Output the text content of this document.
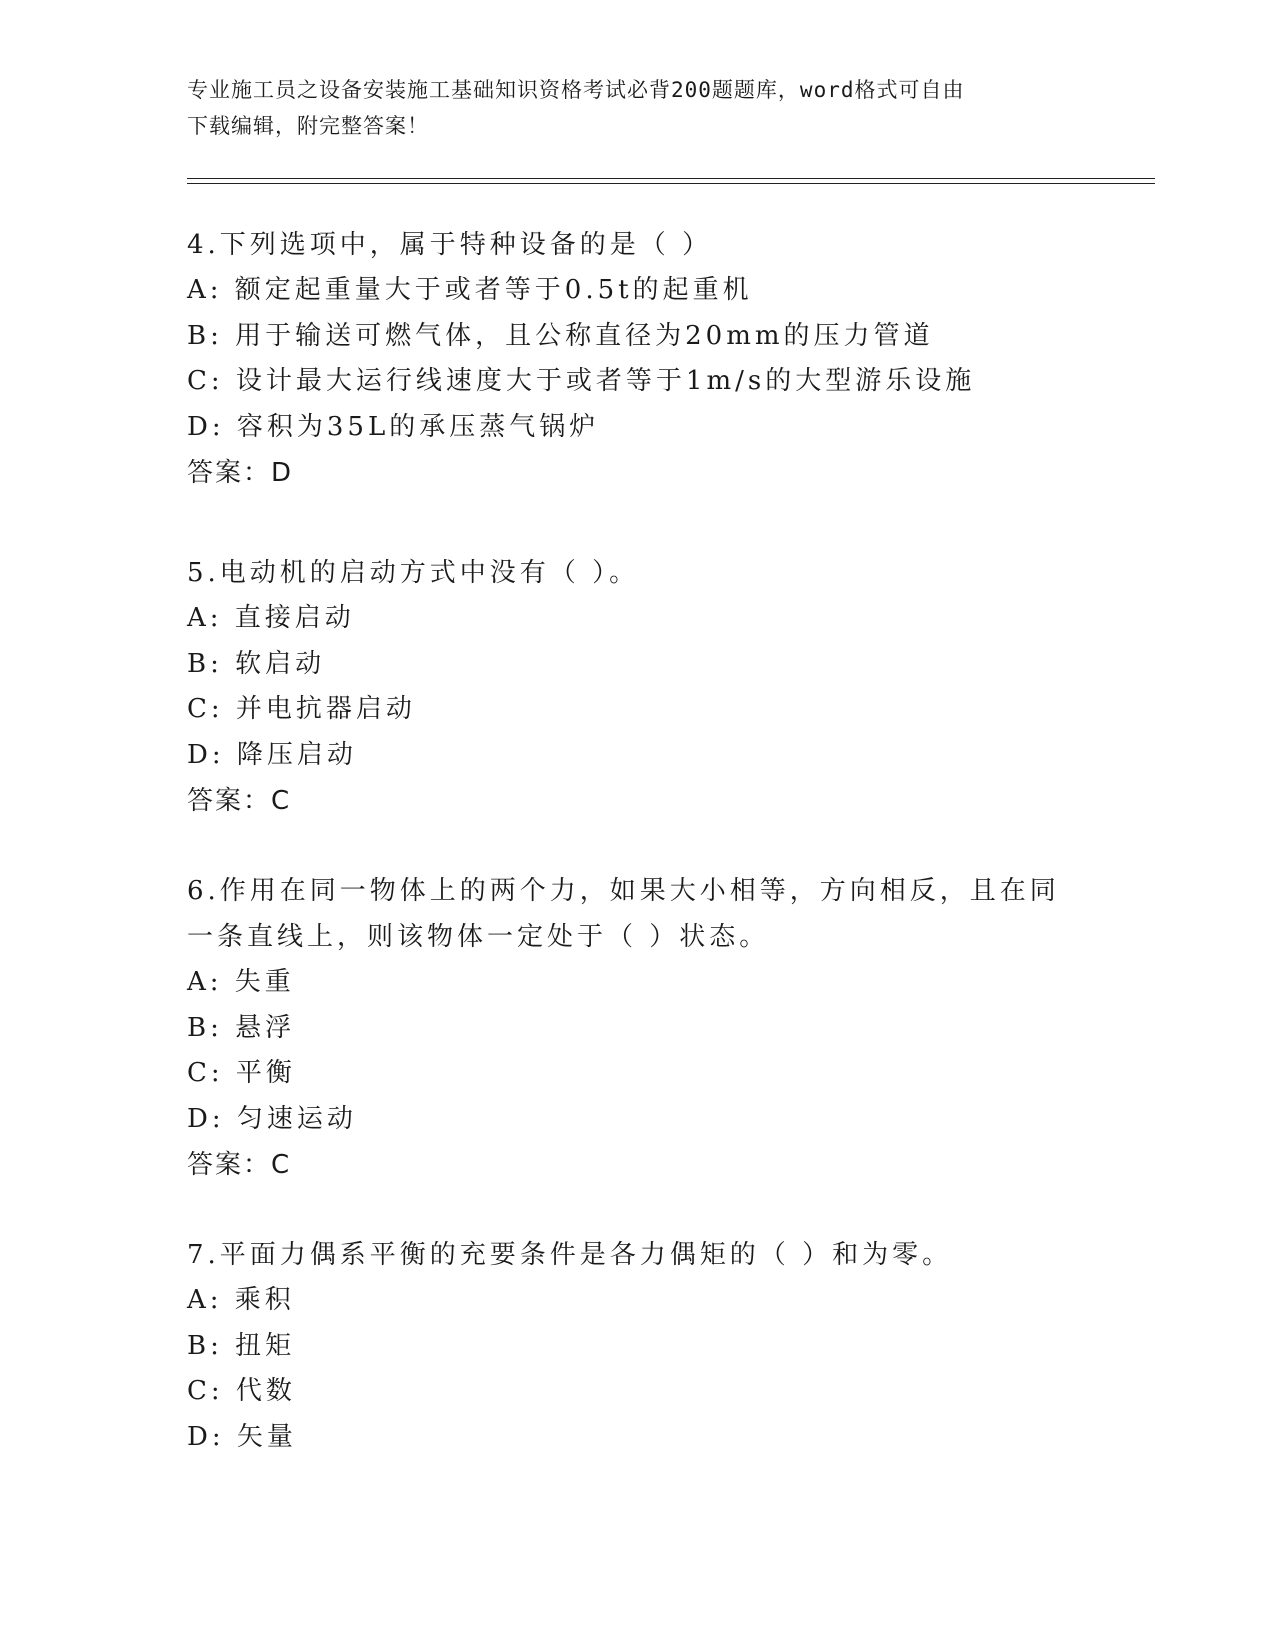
专业施工员之设备安装施工基础知识资格考试必背200题题库，word格式可自由
下载编辑，附完整答案！

4.下列选项中，属于特种设备的是（ ）

A: 额定起重量大于或者等于0.5t的起重机

B: 用于输送可燃气体，且公称直径为20mm的压力管道

C: 设计最大运行线速度大于或者等于1m/s的大型游乐设施

D: 容积为35L的承压蒸气锅炉

答案：D

5.电动机的启动方式中没有（ ）。

A: 直接启动

B: 软启动

C: 并电抗器启动

D: 降压启动

答案：C

6.作用在同一物体上的两个力，如果大小相等，方向相反，且在同一条直线上，则该物体一定处于（ ）状态。

A: 失重

B: 悬浮

C: 平衡

D: 匀速运动

答案：C

7.平面力偶系平衡的充要条件是各力偶矩的（ ）和为零。

A: 乘积

B: 扭矩

C: 代数

D: 矢量
